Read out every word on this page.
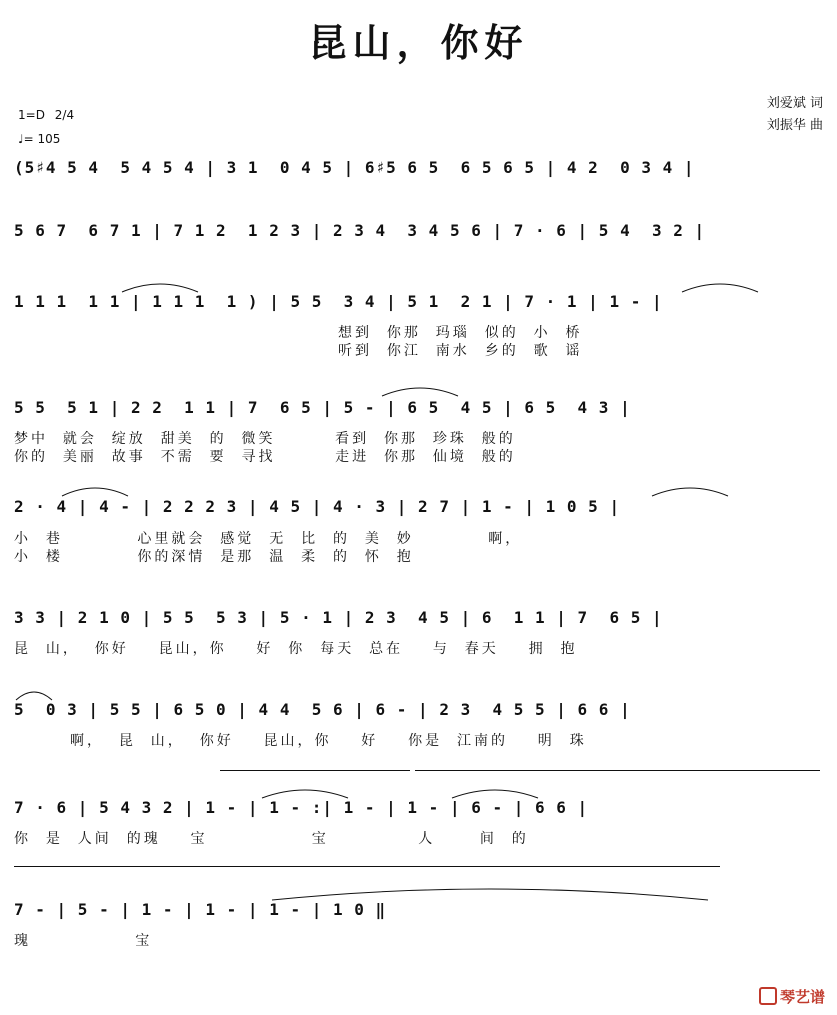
昆山，你好
1=D 2/4
♩= 105
刘爱斌 词
刘振华 曲
(5♯4 5 4  5 4 5 4 | 3 1  0 4 5 | 6♯5 6 5  6 5 6 5 | 4 2  0 3 4 |
5 6 7  6 7 1 | 7 1 2  1 2 3 | 2 3 4  3 4 5 6 | 7 · 6 | 5 4  3 2 |
1 1 1  1 1 | 1 1 1  1 ) | 5 5  3 4 | 5 1  2 1 | 7 · 1 | 1 - |
想到  你那  玛瑙  似的  小  桥
听到  你江  南水  乡的  歌  谣
5 5  5 1 | 2 2  1 1 | 7  6 5 | 5 - | 6 5  4 5 | 6 5  4 3 |
梦中  就会  绽放  甜美  的  微笑        看到  你那  珍珠  般的
你的  美丽  故事  不需  要  寻找        走进  你那  仙境  般的
2 · 4 | 4 - | 2 2 2 3 | 4 5 | 4 · 3 | 2 7 | 1 - | 1 0 5 |
小  巷          心里就会  感觉  无  比  的  美  妙          啊，
小  楼          你的深情  是那  温  柔  的  怀  抱
3 3 | 2 1 0 | 5 5  5 3 | 5 · 1 | 2 3  4 5 | 6  1 1 | 7  6 5 |
昆  山，  你好    昆山，你    好  你  每天  总在    与  春天    拥  抱
5  0 3 | 5 5 | 6 5 0 | 4 4  5 6 | 6 - | 2 3  4 5 5 | 6 6 |
啊，  昆  山，  你好    昆山，你    好    你是  江南的    明  珠
7 · 6 | 5 4 3 2 | 1 - | 1 - :| 1 - | 1 - | 6 - | 6 6 |
你  是  人间  的瑰    宝              宝            人      间  的
7 - | 5 - | 1 - | 1 - | 1 - | 1 0 ‖
瑰              宝
琴艺谱
